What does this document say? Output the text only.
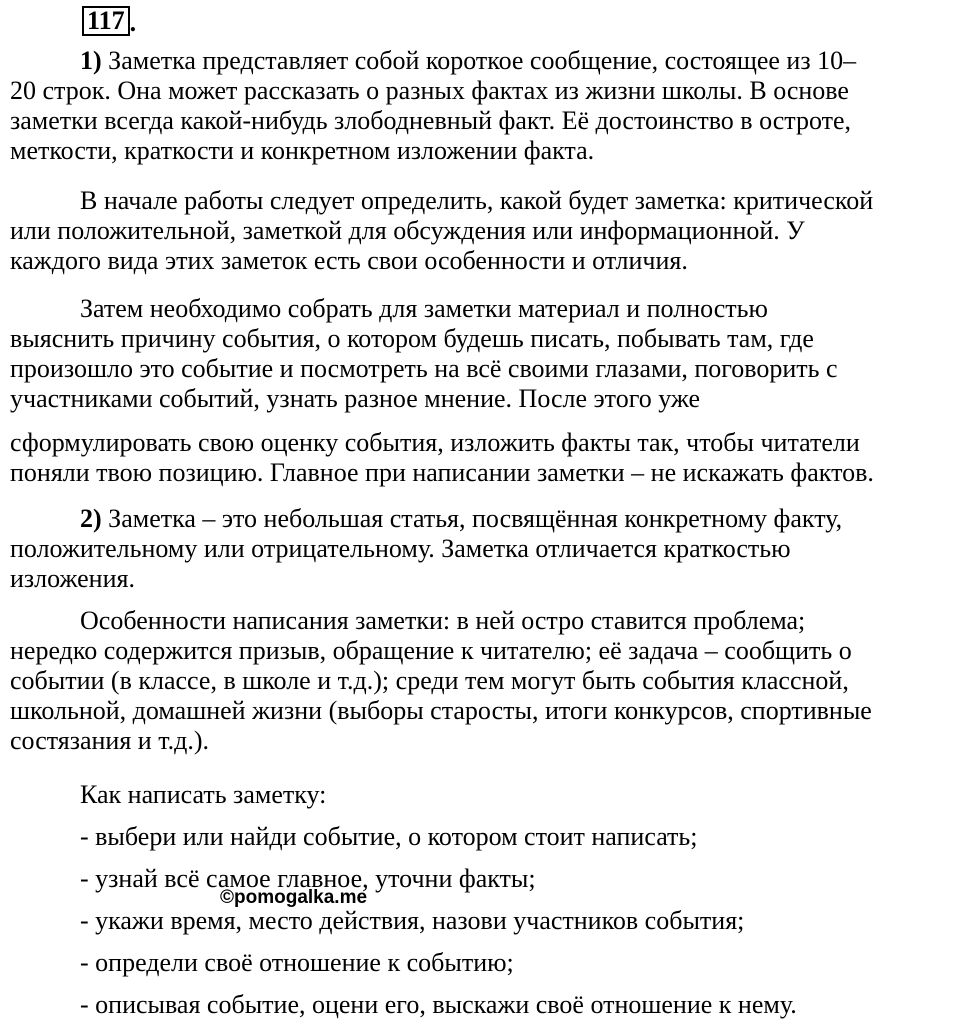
117 .
1) Заметка представляет собой короткое сообщение, состоящее из 10–
20 строк. Она может рассказать о разных фактах из жизни школы. В основе
заметки всегда какой-нибудь злободневный факт. Её достоинство в остроте,
меткости, краткости и конкретном изложении факта.
В начале работы следует определить, какой будет заметка: критической
или положительной, заметкой для обсуждения или информационной. У
каждого вида этих заметок есть свои особенности и отличия.
Затем необходимо собрать для заметки материал и полностью
выяснить причину события, о котором будешь писать, побывать там, где
произошло это событие и посмотреть на всё своими глазами, поговорить с
участниками событий, узнать разное мнение. После этого уже
сформулировать свою оценку события, изложить факты так, чтобы читатели
поняли твою позицию. Главное при написании заметки – не искажать фактов.
2) Заметка – это небольшая статья, посвящённая конкретному факту,
положительному или отрицательному. Заметка отличается краткостью
изложения.
Особенности написания заметки: в ней остро ставится проблема;
нередко содержится призыв, обращение к читателю; её задача – сообщить о
событии (в классе, в школе и т.д.); среди тем могут быть события классной,
школьной, домашней жизни (выборы старосты, итоги конкурсов, спортивные
состязания и т.д.).
Как написать заметку:
- выбери или найди событие, о котором стоит написать;
- узнай всё самое главное, уточни факты;
- укажи время, место действия, назови участников события;
- определи своё отношение к событию;
- описывая событие, оцени его, выскажи своё отношение к нему.
©pomogalka.me
